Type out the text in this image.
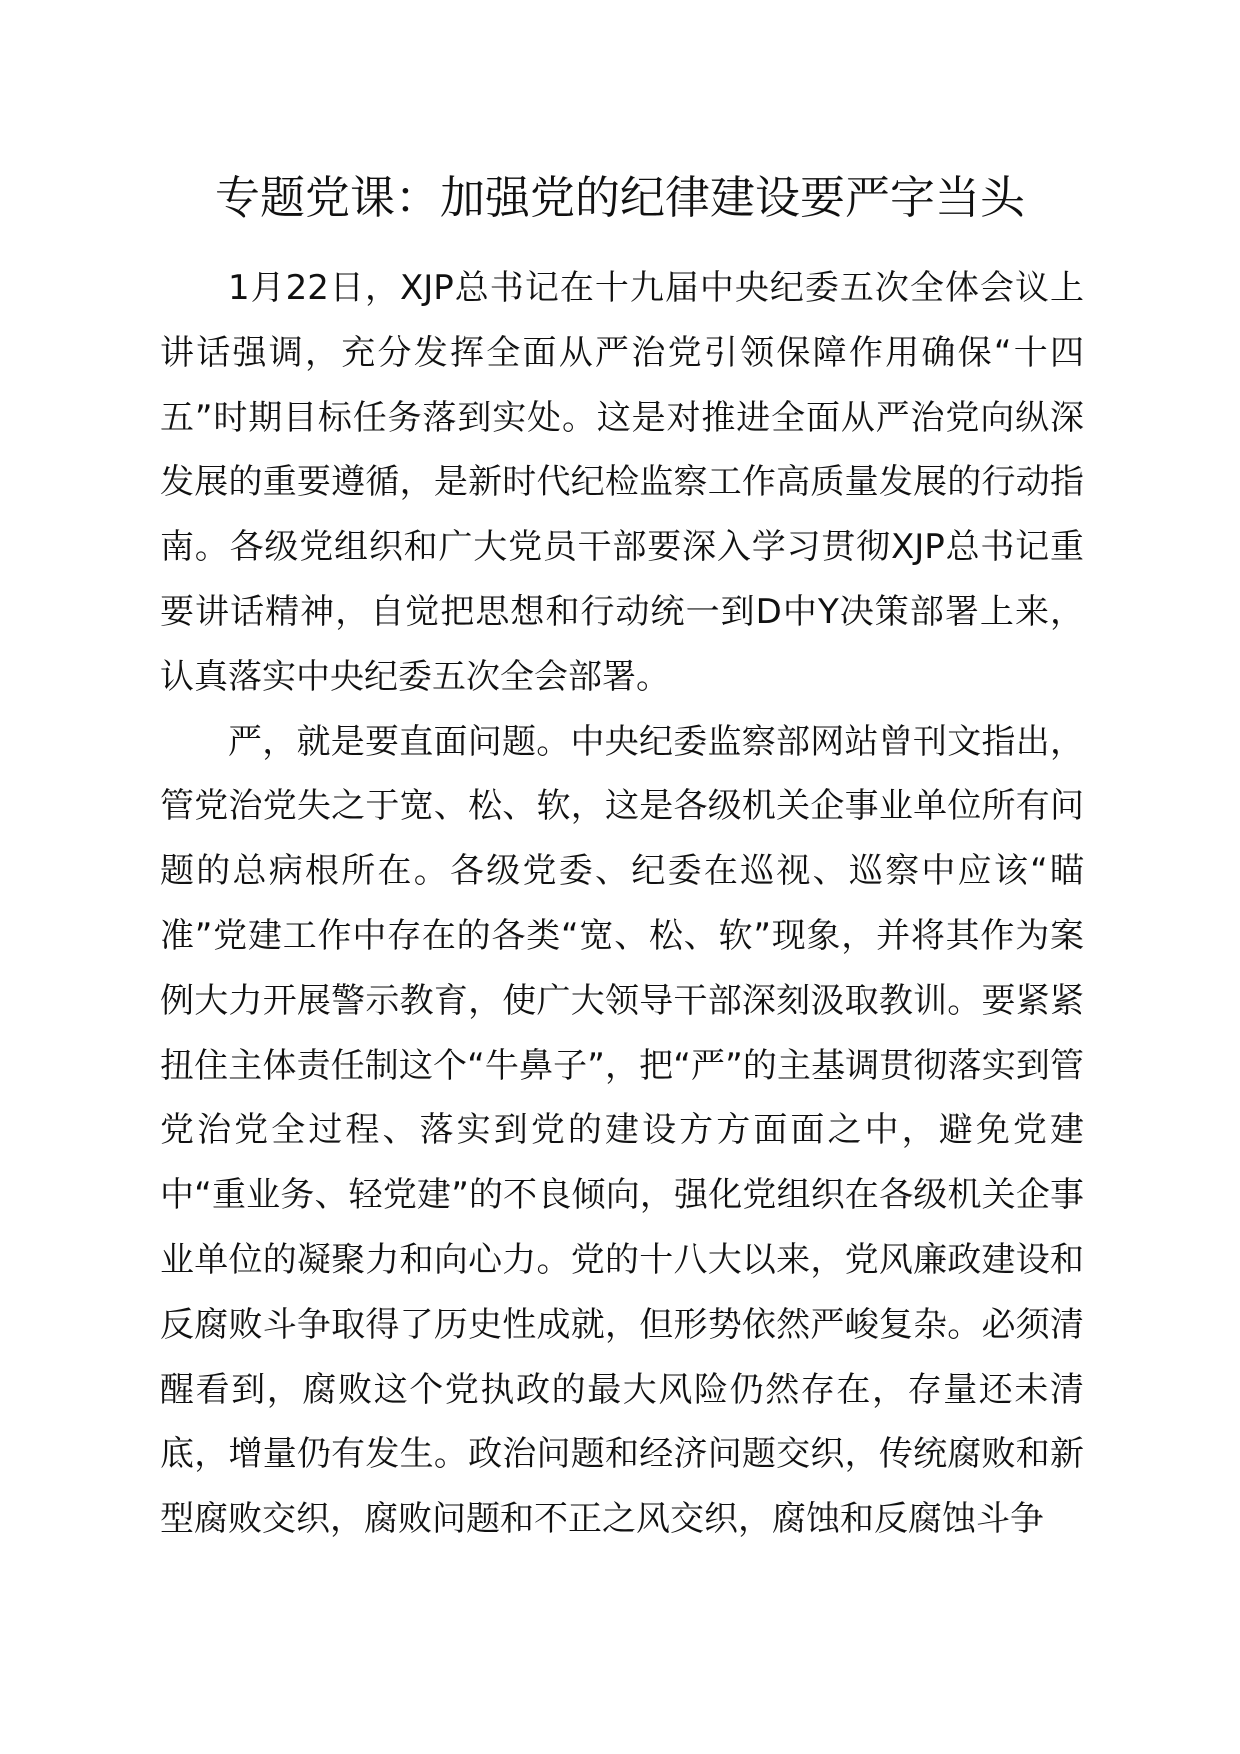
专题党课：加强党的纪律建设要严字当头

1月22日，XJP总书记在十九届中央纪委五次全体会议上讲话强调，充分发挥全面从严治党引领保障作用确保“十四五”时期目标任务落到实处。这是对推进全面从严治党向纵深发展的重要遵循，是新时代纪检监察工作高质量发展的行动指南。各级党组织和广大党员干部要深入学习贯彻XJP总书记重要讲话精神，自觉把思想和行动统一到D中Y决策部署上来，认真落实中央纪委五次全会部署。

严，就是要直面问题。中央纪委监察部网站曾刊文指出，管党治党失之于宽、松、软，这是各级机关企事业单位所有问题的总病根所在。各级党委、纪委在巡视、巡察中应该“瞄准”党建工作中存在的各类“宽、松、软”现象，并将其作为案例大力开展警示教育，使广大领导干部深刻汲取教训。要紧紧扭住主体责任制这个“牛鼻子”，把“严”的主基调贯彻落实到管党治党全过程、落实到党的建设方方面面之中，避免党建中“重业务、轻党建”的不良倾向，强化党组织在各级机关企事业单位的凝聚力和向心力。党的十八大以来，党风廉政建设和反腐败斗争取得了历史性成就，但形势依然严峻复杂。必须清醒看到，腐败这个党执政的最大风险仍然存在，存量还未清底，增量仍有发生。政治问题和经济问题交织，传统腐败和新型腐败交织，腐败问题和不正之风交织，腐蚀和反腐蚀斗争
